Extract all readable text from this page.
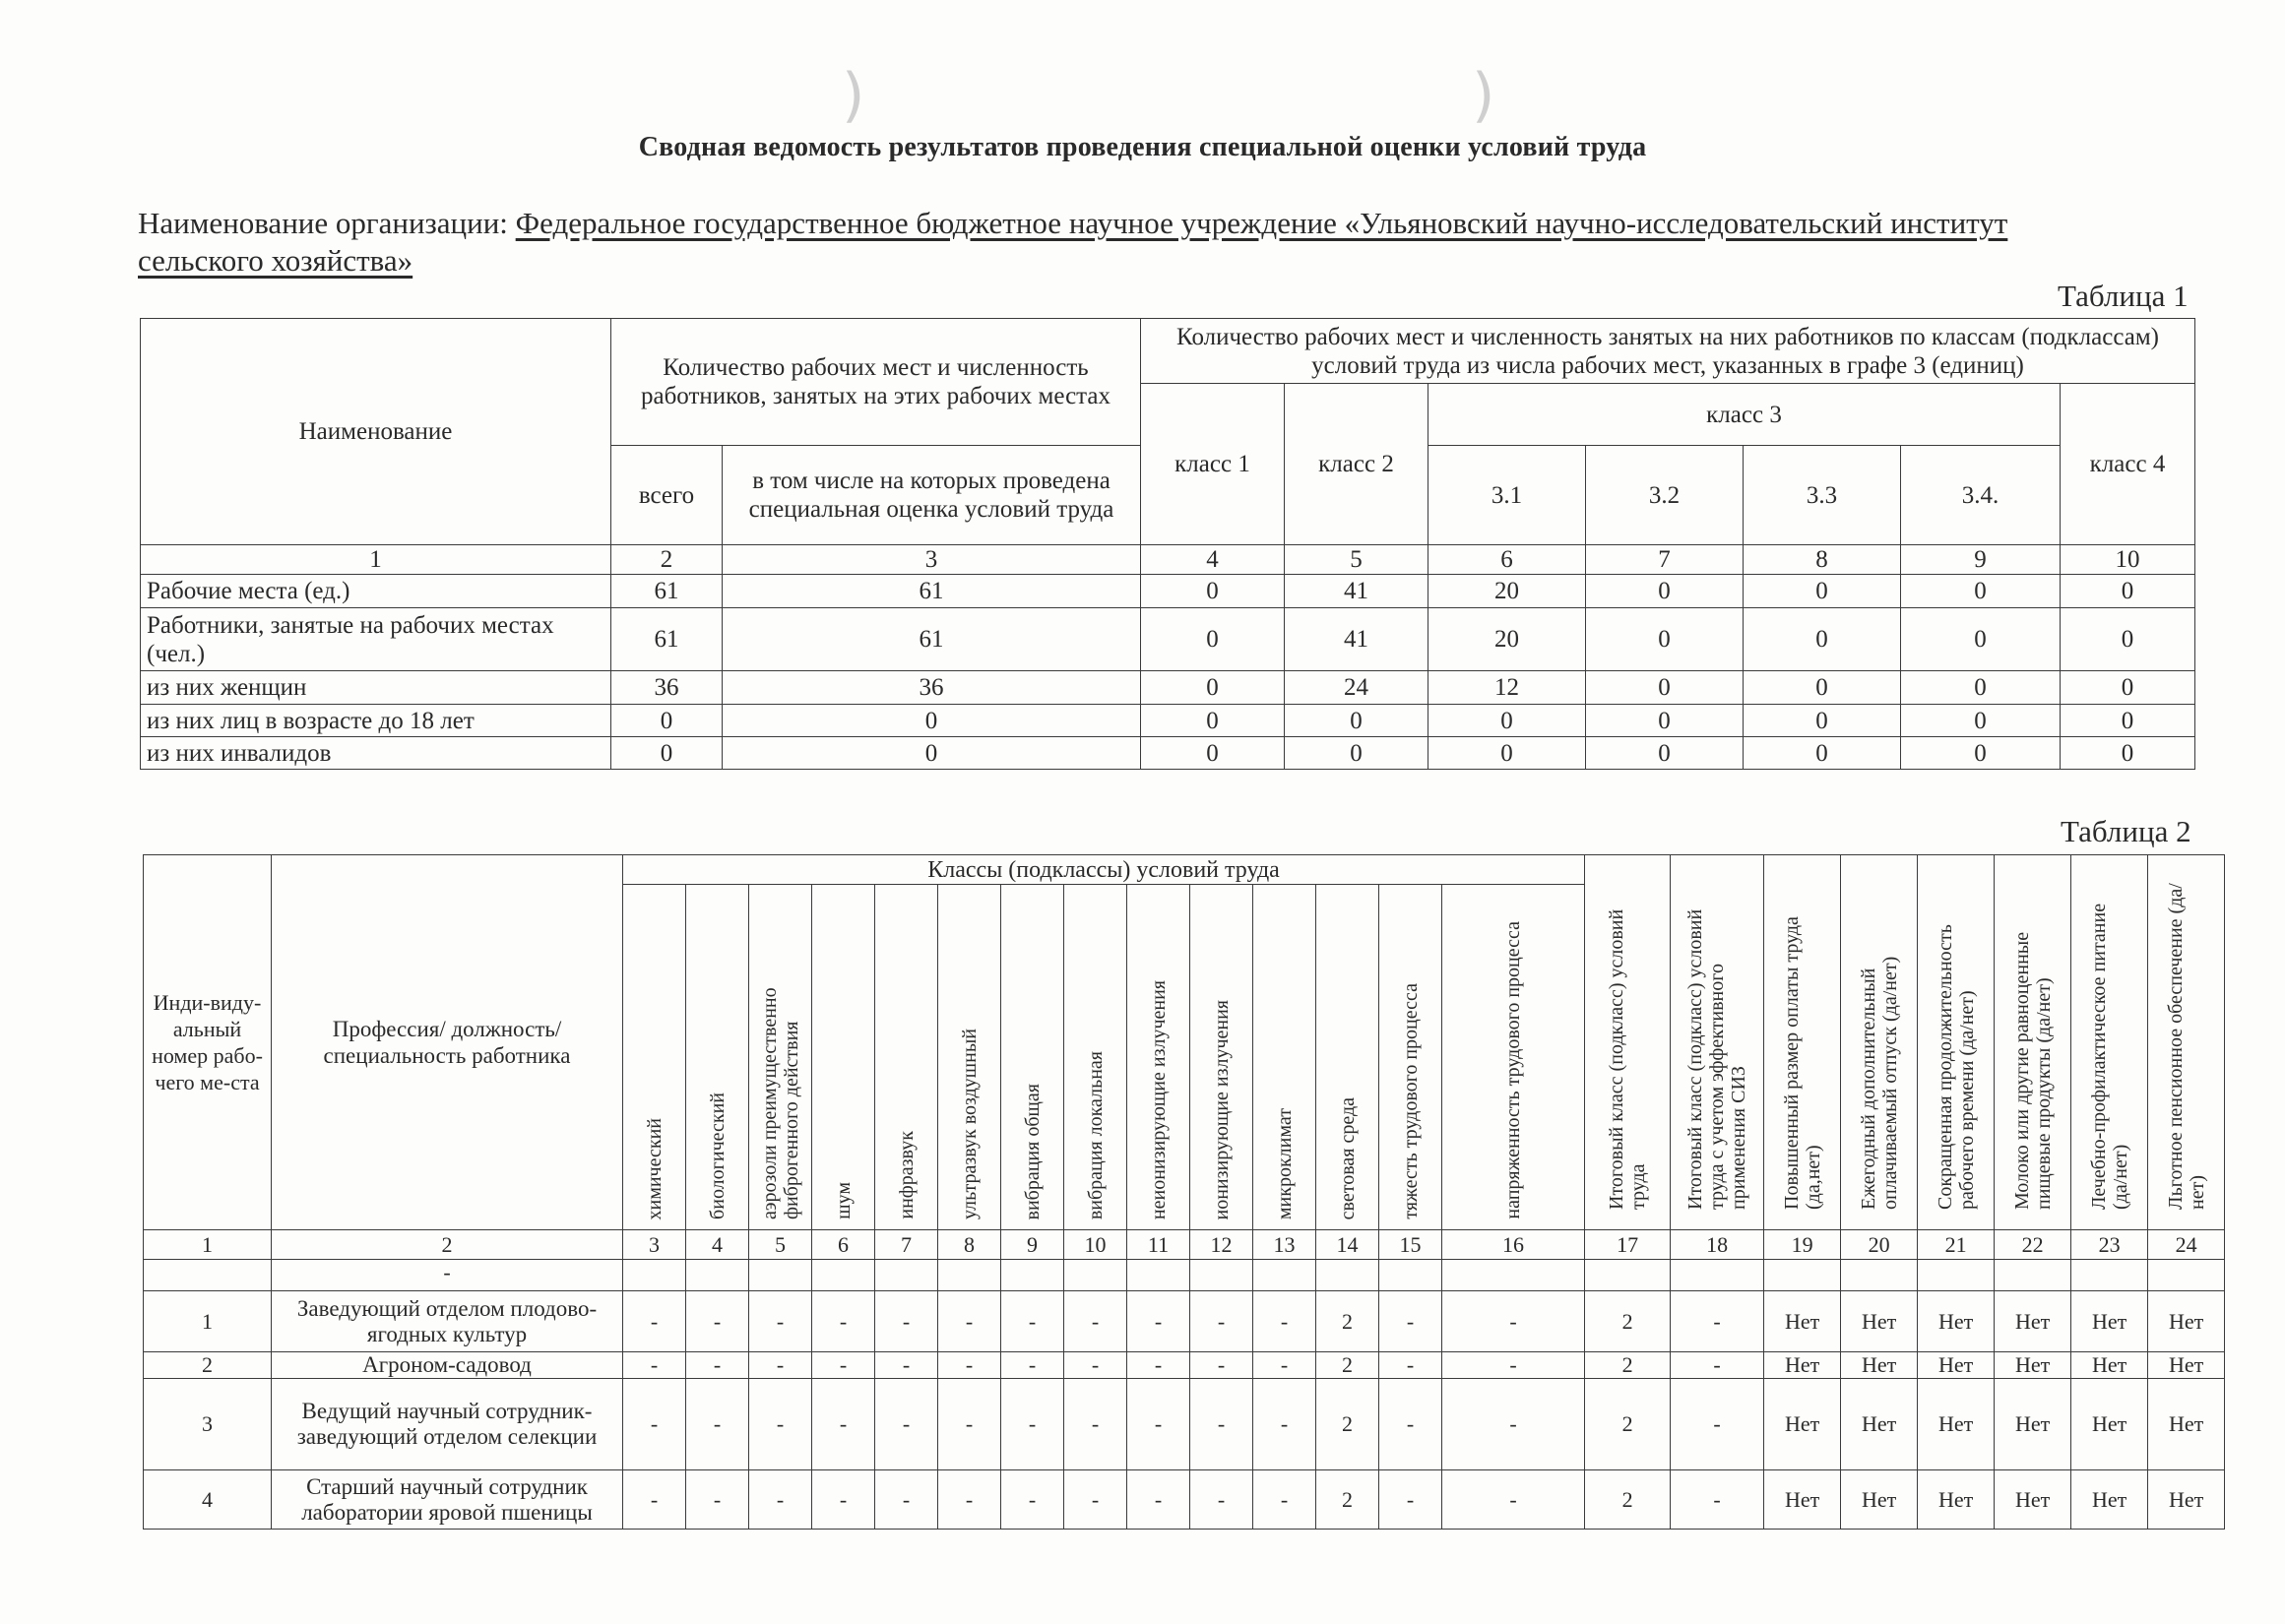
)	)
Сводная ведомость результатов проведения специальной оценки условий труда
Наименование организации: Федеральное государственное бюджетное научное учреждение «Ульяновский научно-исследовательский институт
сельского хозяйства»
Таблица 1
Наименование	Количество рабочих мест и численность работников, занятых на этих рабочих местах		Количество рабочих мест и численность занятых на них работников по классам (подклассам) условий труда из числа рабочих мест, указанных в графе 3 (единиц)						
			класс 1	класс 2	класс 3				класс 4
	всего	в том числе на которых проведена специальная оценка условий труда			3.1	3.2	3.3	3.4.	
1	2	3	4	5	6	7	8	9	10
Рабочие места (ед.)	61	61	0	41	20	0	0	0	0
Работники, занятые на рабочих местах (чел.)	61	61	0	41	20	0	0	0	0
из них женщин	36	36	0	24	12	0	0	0	0
из них лиц в возрасте до 18 лет	0	0	0	0	0	0	0	0	0
из них инвалидов	0	0	0	0	0	0	0	0	0
Таблица 2
Инди-виду-альный номер рабо-чего ме-ста	Профессия/ должность/ специальность работника	Классы (подклассы) условий труда														Итоговый класс (подкласс) условий труда	Итоговый класс (подкласс) условий труда с учетом эффективного применения СИЗ	Повышенный размер оплаты труда (да,нет)	Ежегодный дополнительный оплачиваемый отпуск (да/нет)	Сокращенная продолжительность рабочего времени (да/нет)	Молоко или другие равноценные пищевые продукты (да/нет)	Лечебно-профилактическое питание (да/нет)	Льготное пенсионное обеспечение (да/нет)

		химический	биологический	аэрозоли преимущественно фиброгенного действия	шум	инфразвук	ультразвук воздушный	вибрация общая	вибрация локальная	неионизирующие излучения	ионизирующие излучения	микроклимат	световая среда	тяжесть трудового процесса	напряженность трудового процесса								

1	2	3	4	5	6	7	8	9	10	11	12	13	14	15	16	17	18	19	20	21	22	23	24
	-																						
1	Заведующий отделом плодово-ягодных культур	-	-	-	-	-	-	-	-	-	-	-	2	-	-	2	-	Нет	Нет	Нет	Нет	Нет	Нет
2	Агроном-садовод	-	-	-	-	-	-	-	-	-	-	-	2	-	-	2	-	Нет	Нет	Нет	Нет	Нет	Нет
3	Ведущий научный сотрудник-заведующий отделом селекции	-	-	-	-	-	-	-	-	-	-	-	2	-	-	2	-	Нет	Нет	Нет	Нет	Нет	Нет
4	Старший научный сотрудник лаборатории яровой пшеницы	-	-	-	-	-	-	-	-	-	-	-	2	-	-	2	-	Нет	Нет	Нет	Нет	Нет	Нет
